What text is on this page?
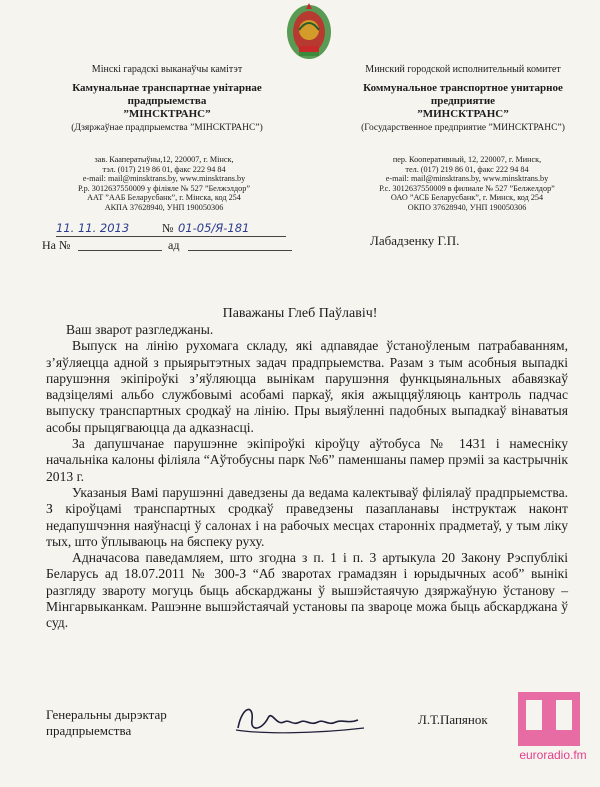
Мінскі гарадскі выканаўчы камітэт
Камунальнае транспартнае унітарнае
прадпрыемства
”МІНСКТРАНС”
(Дзяржаўнае прадпрыемства ”МІНСКТРАНС”)
Минский городской исполнительный комитет
Коммунальное транспортное унитарное
предприятие
”МИНСКТРАНС”
(Государственное предприятие ”МИНСКТРАНС”)
зав. Кааператыўны,12, 220007, г. Мінск,
тэл. (017) 219 86 01, факс 222 94 84
e-mail: mail@minsktrans.by, www.minsktrans.by
Р.р. 3012637550009 у філіяле № 527 ”Белжэлдор”
ААТ ”ААБ Беларусбанк”, г. Мінска, код 254
АКПА 37628940, УНП 190050306
пер. Кооперативный, 12, 220007, г. Минск,
тел. (017) 219 86 01, факс 222 94 84
e-mail: mail@minsktrans.by, www.minsktrans.by
Р.с. 3012637550009 в филиале № 527 ”Белжелдор”
ОАО ”АСБ Беларусбанк”, г. Минск, код 254
ОКПО 37628940, УНП 190050306
11. 11. 2013	№ 01-05/Я-181
На №	ад	Лабадзенку Г.П.
Паважаны Глеб Паўлавіч!

Ваш зварот разгледжаны.

Выпуск на лінію рухомага складу, які адпавядае ўстаноўленым патрабаванням, з’яўляецца адной з прыярытэтных задач прадпрыемства. Разам з тым асобныя выпадкі парушэння экіпіроўкі з’яўляюцца вынікам парушэння функцыянальных абавязкаў вадзіцелямі альбо службовымі асобамі паркаў, якія ажыццяўляюць кантроль падчас выпуску транспартных сродкаў на лінію. Пры выяўленні падобных выпадкаў вінаватыя асобы прыцягваюцца да адказнасці.

За дапушчанае парушэнне экіпіроўкі кіроўцу аўтобуса № 1431 і намесніку начальніка калоны філіяла “Аўтобусны парк №6” паменшаны памер прэміі за кастрычнік 2013 г.

Указаныя Вамі парушэнні даведзены да ведама калектываў філіялаў прадпрыемства. З кіроўцамі транспартных сродкаў праведзены пазапланавы інструктаж наконт недапушчэння наяўнасці ў салонах і на рабочых месцах старонніх прадметаў, у тым ліку тых, што ўплываюць на бяспеку руху.

Адначасова паведамляем, што згодна з п. 1 і п. 3 артыкула 20 Закону Рэспублікі Беларусь ад 18.07.2011 № 300-З “Аб зваротах грамадзян і юрыдычных асоб” вынікі разгляду звароту могуць быць абскарджаны ў вышэйстаячую дзяржаўную ўстанову – Мінгарвыканкам. Рашэнне вышэйстаячай установы па звароце можа быць абскарджана ў суд.

Генеральны дырэктар
прадпрыемства
Л.Т.Папянок
euroradio.fm
